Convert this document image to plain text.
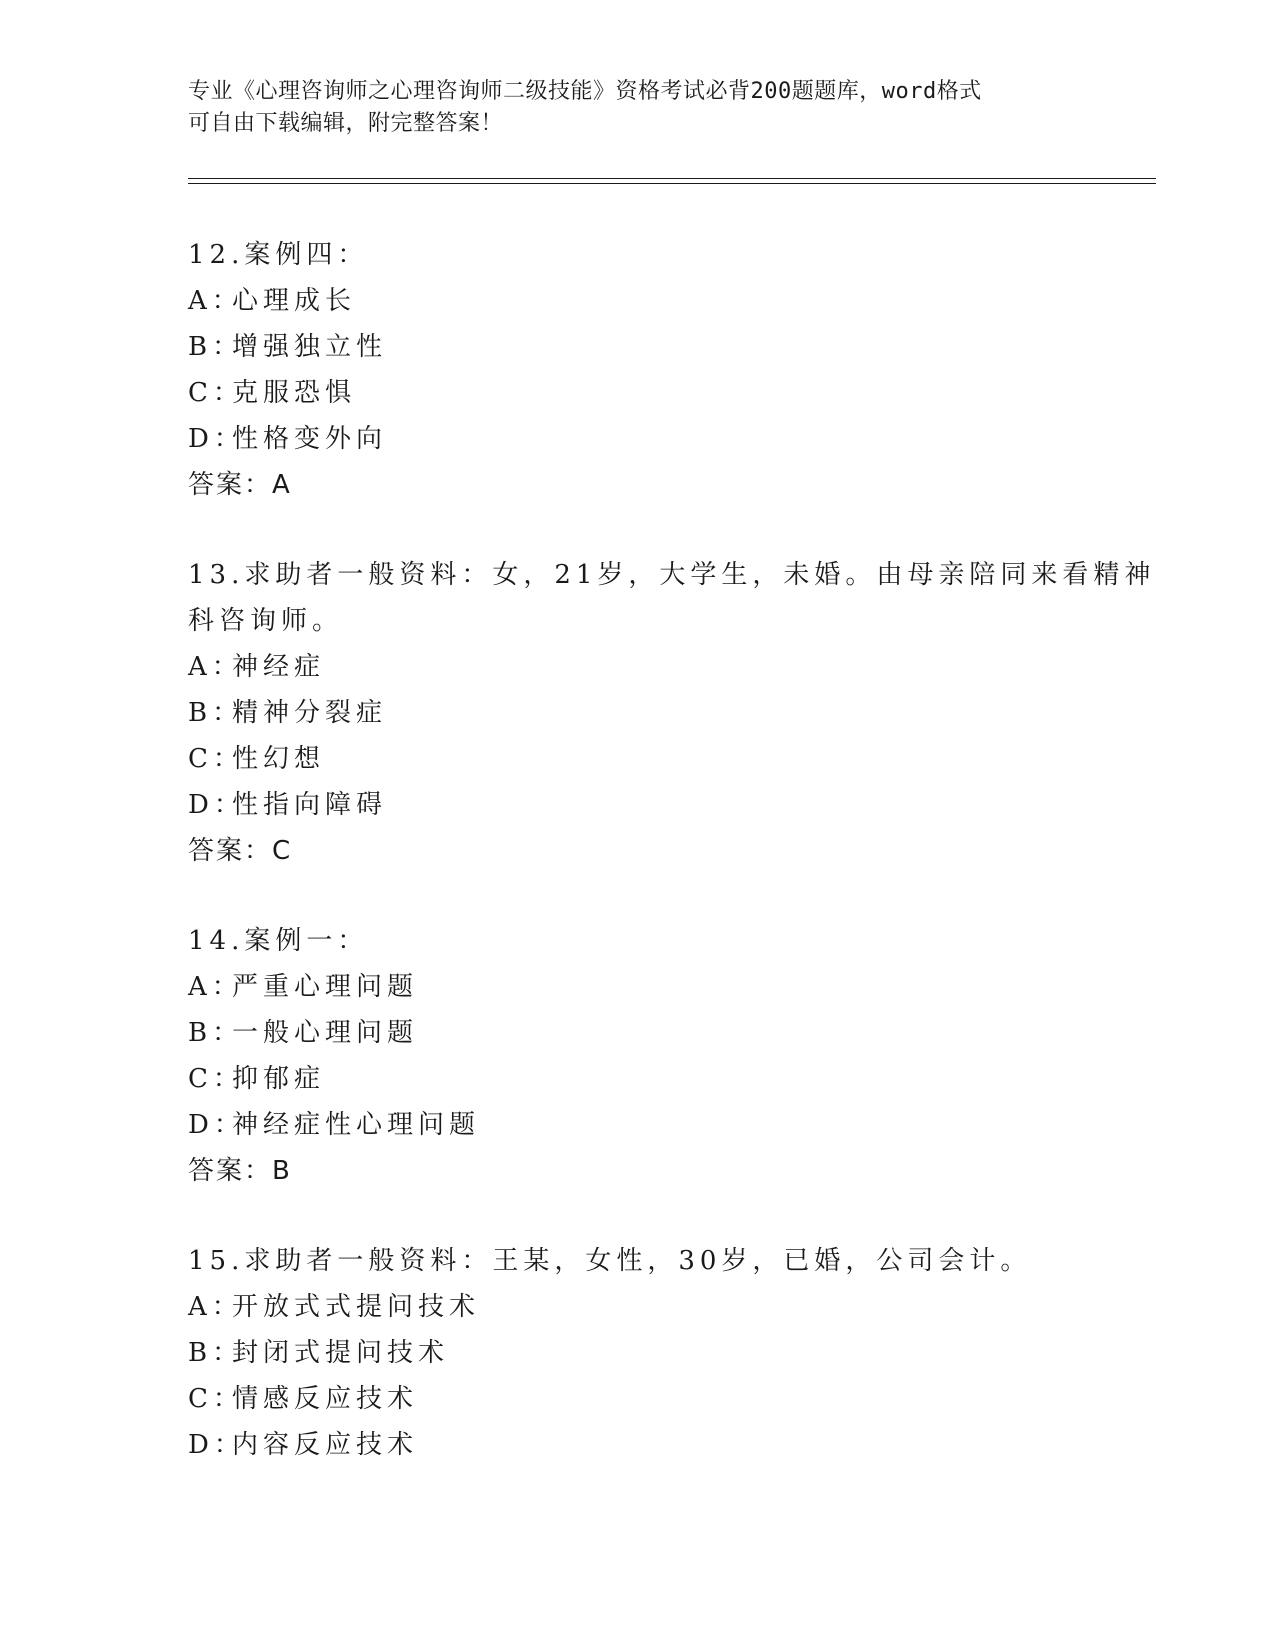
专业《心理咨询师之心理咨询师二级技能》资格考试必背200题题库，word格式
可自由下载编辑，附完整答案！
12.案例四：
A：心理成长
B：增强独立性
C：克服恐惧
D：性格变外向
答案：A
13.求助者一般资料：女，21岁，大学生，未婚。由母亲陪同来看精神
科咨询师。
A：神经症
B：精神分裂症
C：性幻想
D：性指向障碍
答案：C
14.案例一：
A：严重心理问题
B：一般心理问题
C：抑郁症
D：神经症性心理问题
答案：B
15.求助者一般资料：王某，女性，30岁，已婚，公司会计。
A：开放式式提问技术
B：封闭式提问技术
C：情感反应技术
D：内容反应技术
